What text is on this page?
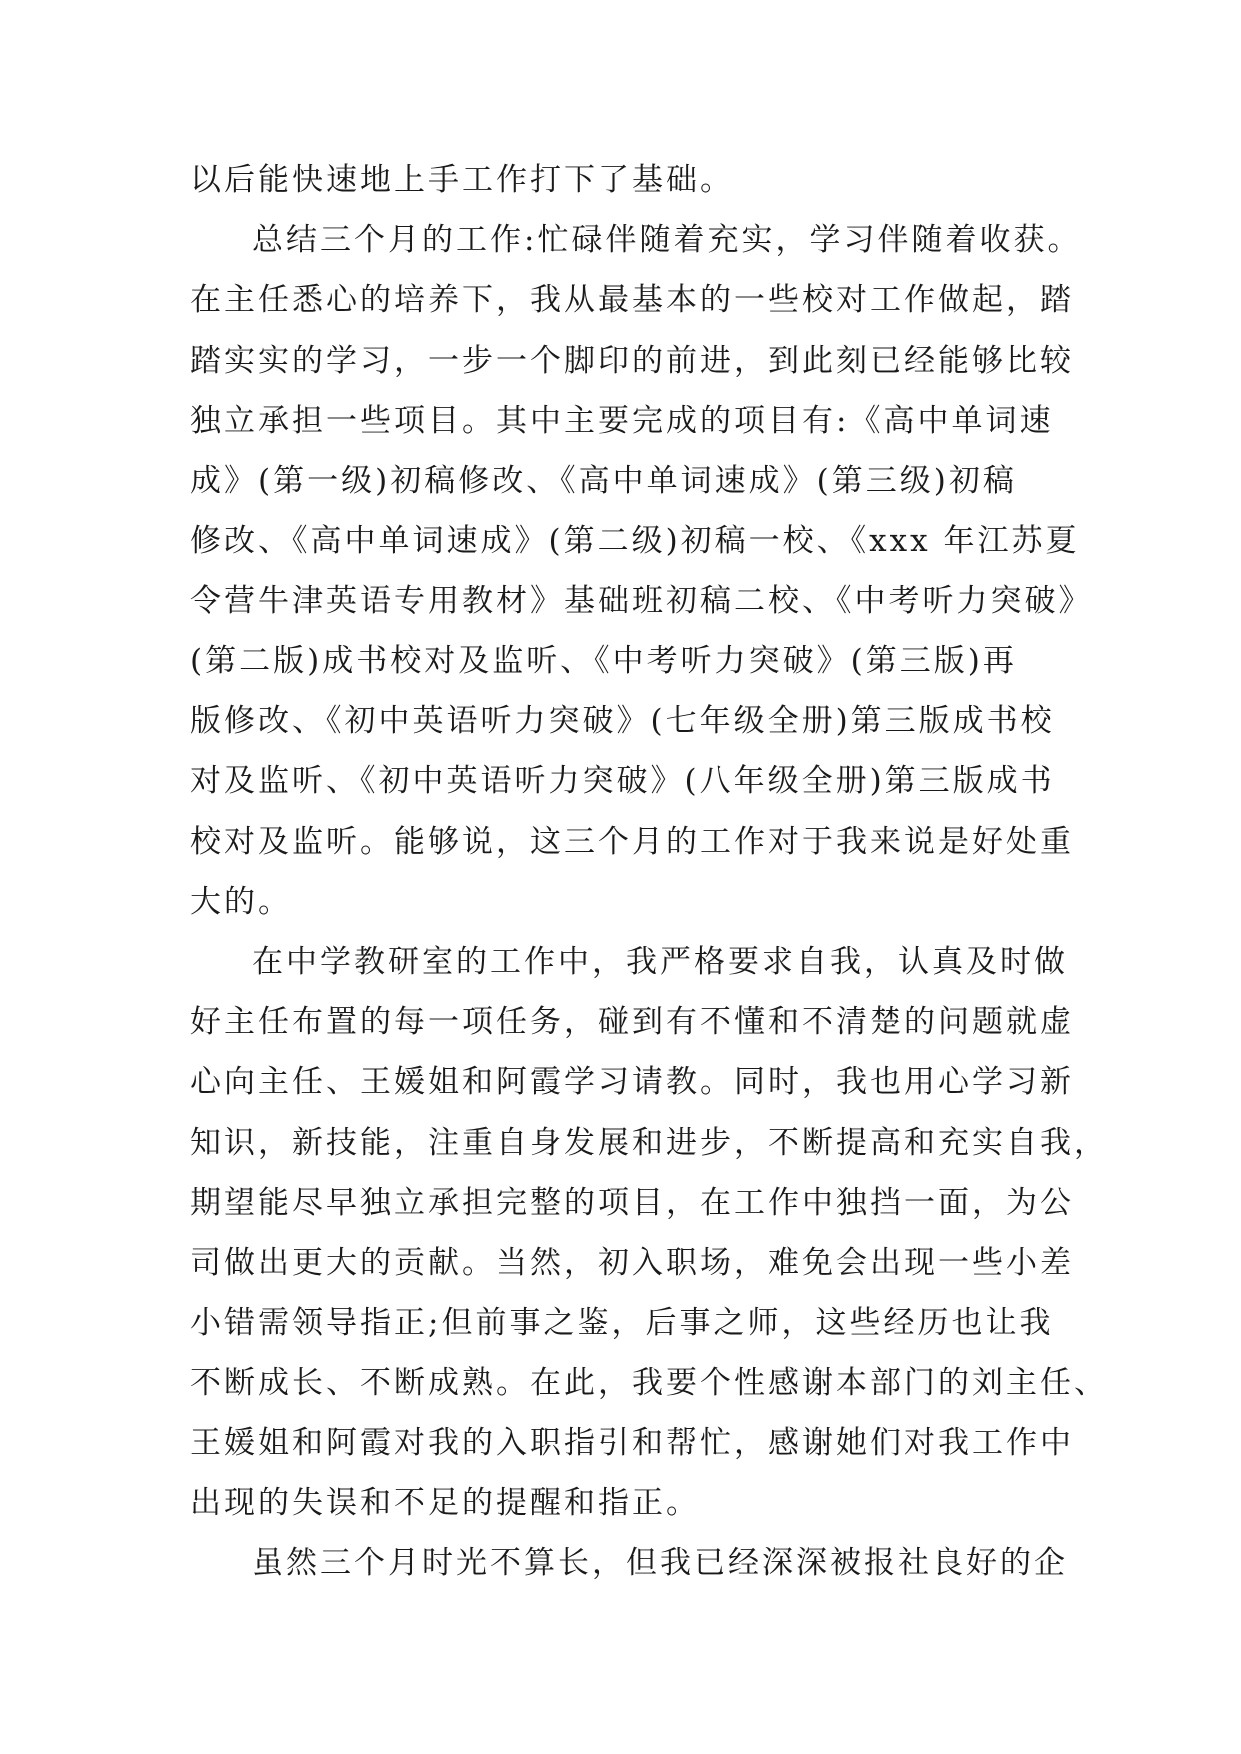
以后能快速地上手工作打下了基础。
总结三个月的工作:忙碌伴随着充实，学习伴随着收获。
在主任悉心的培养下，我从最基本的一些校对工作做起，踏
踏实实的学习，一步一个脚印的前进，到此刻已经能够比较
独立承担一些项目。其中主要完成的项目有:《高中单词速
成》(第一级)初稿修改、《高中单词速成》(第三级)初稿
修改、《高中单词速成》(第二级)初稿一校、《xxx 年江苏夏
令营牛津英语专用教材》基础班初稿二校、《中考听力突破》
(第二版)成书校对及监听、《中考听力突破》(第三版)再
版修改、《初中英语听力突破》(七年级全册)第三版成书校
对及监听、《初中英语听力突破》(八年级全册)第三版成书
校对及监听。能够说，这三个月的工作对于我来说是好处重
大的。
在中学教研室的工作中，我严格要求自我，认真及时做
好主任布置的每一项任务，碰到有不懂和不清楚的问题就虚
心向主任、王媛姐和阿霞学习请教。同时，我也用心学习新
知识，新技能，注重自身发展和进步，不断提高和充实自我，
期望能尽早独立承担完整的项目，在工作中独挡一面，为公
司做出更大的贡献。当然，初入职场，难免会出现一些小差
小错需领导指正;但前事之鉴，后事之师，这些经历也让我
不断成长、不断成熟。在此，我要个性感谢本部门的刘主任、
王媛姐和阿霞对我的入职指引和帮忙，感谢她们对我工作中
出现的失误和不足的提醒和指正。
虽然三个月时光不算长，但我已经深深被报社良好的企
